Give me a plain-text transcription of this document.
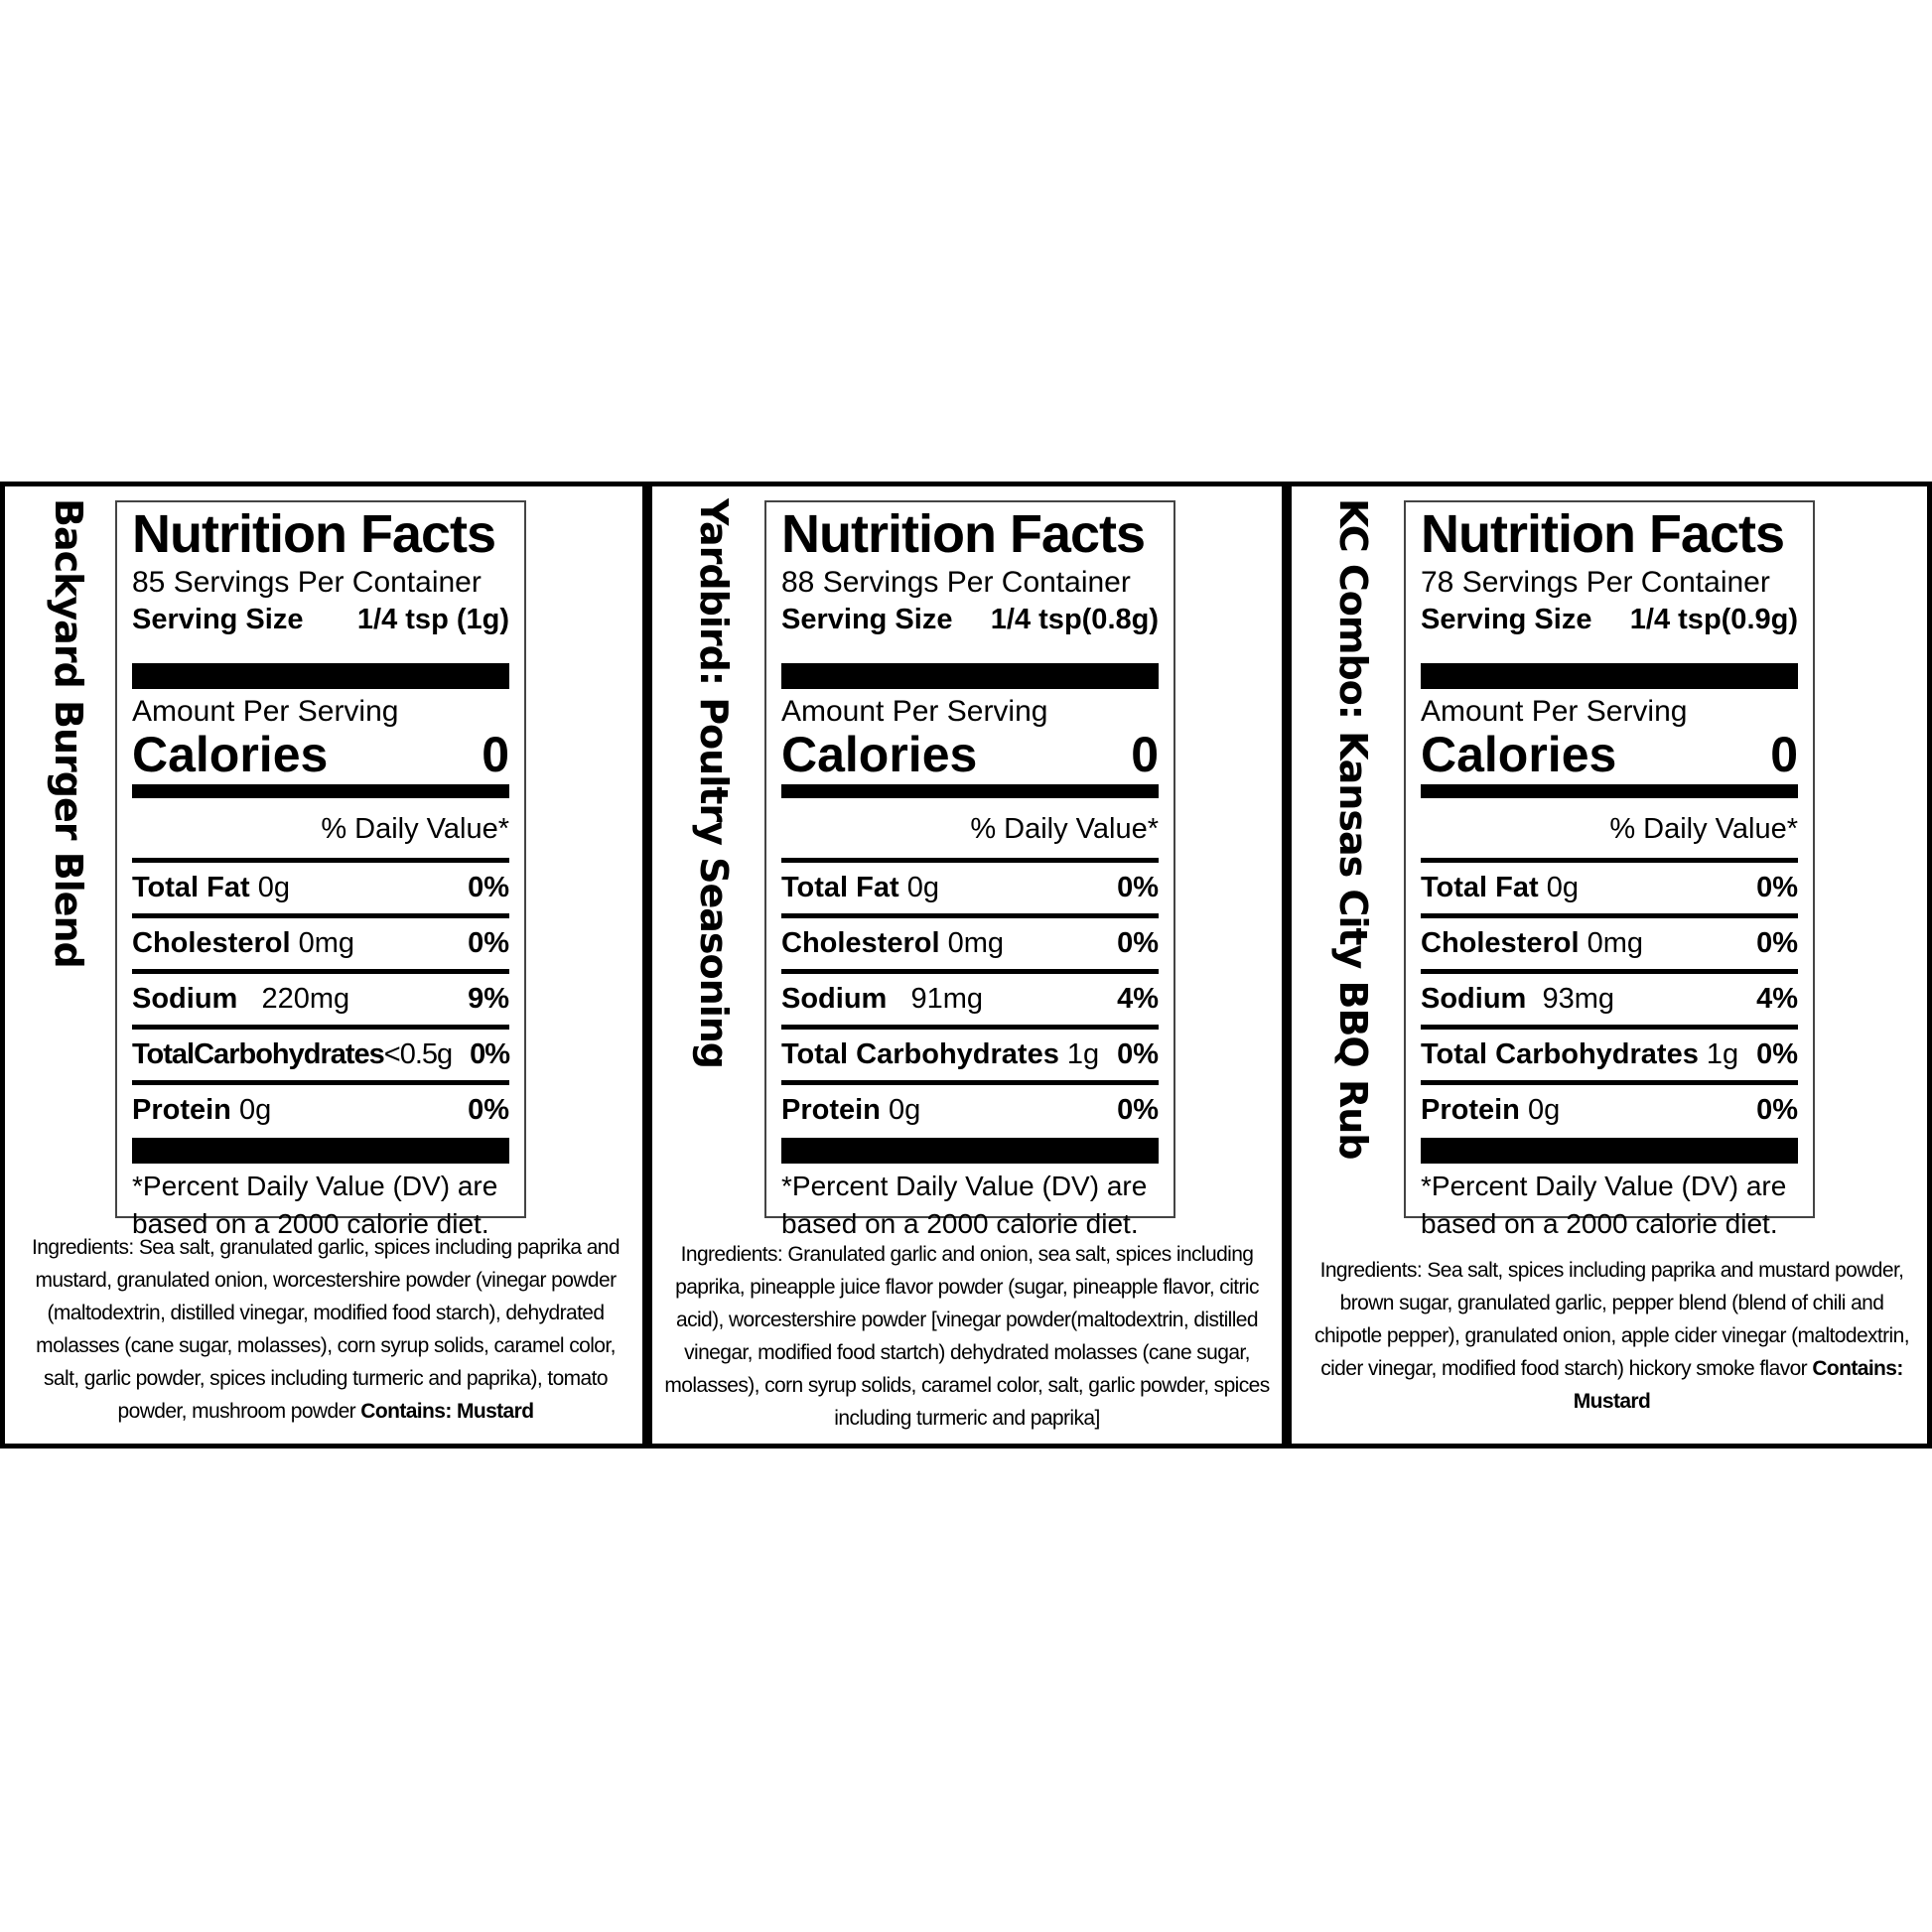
Backyard Burger Blend Nutrition Facts
85 Servings Per Container
Serving Size 1/4 tsp (1g)
Amount Per Serving
Calories	0
% Daily Value*
Total Fat 0g	0%
Cholesterol 0mg	0%
Sodium 220mg	9%
TotalCarbohydrates<0.5g 0%
Protein 0g	0%
*Percent Daily Value (DV) are
based on a 2000 calorie diet.
Ingredients: Sea salt, granulated garlic, spices including paprika and mustard, granulated onion, worcestershire powder (vinegar powder (maltodextrin, distilled vinegar, modified food starch), dehydrated molasses (cane sugar, molasses), corn syrup solids, caramel color, salt, garlic powder, spices including turmeric and paprika), tomato powder, mushroom powder Contains: Mustard
Yardbird: Poultry Seasoning Nutrition Facts
88 Servings Per Container
Serving Size 1/4 tsp(0.8g)
Amount Per Serving
Calories	0
% Daily Value*
Total Fat 0g	0%
Cholesterol 0mg	0%
Sodium 91mg	4%
Total Carbohydrates 1g 0%
Protein 0g	0%
*Percent Daily Value (DV) are
based on a 2000 calorie diet.
Ingredients: Granulated garlic and onion, sea salt, spices including paprika, pineapple juice flavor powder (sugar, pineapple flavor, citric acid), worcestershire powder [vinegar powder(maltodextrin, distilled vinegar, modified food startch) dehydrated molasses (cane sugar, molasses), corn syrup solids, caramel color, salt, garlic powder, spices including turmeric and paprika]
KC Combo: Kansas City BBQ Rub Nutrition Facts
78 Servings Per Container
Serving Size 1/4 tsp(0.9g)
Amount Per Serving
Calories	0
% Daily Value*
Total Fat 0g	0%
Cholesterol 0mg	0%
Sodium 93mg	4%
Total Carbohydrates 1g 0%
Protein 0g	0%
*Percent Daily Value (DV) are
based on a 2000 calorie diet.
Ingredients: Sea salt, spices including paprika and mustard powder, brown sugar, granulated garlic, pepper blend (blend of chili and chipotle pepper), granulated onion, apple cider vinegar (maltodextrin, cider vinegar, modified food starch) hickory smoke flavor Contains: Mustard
